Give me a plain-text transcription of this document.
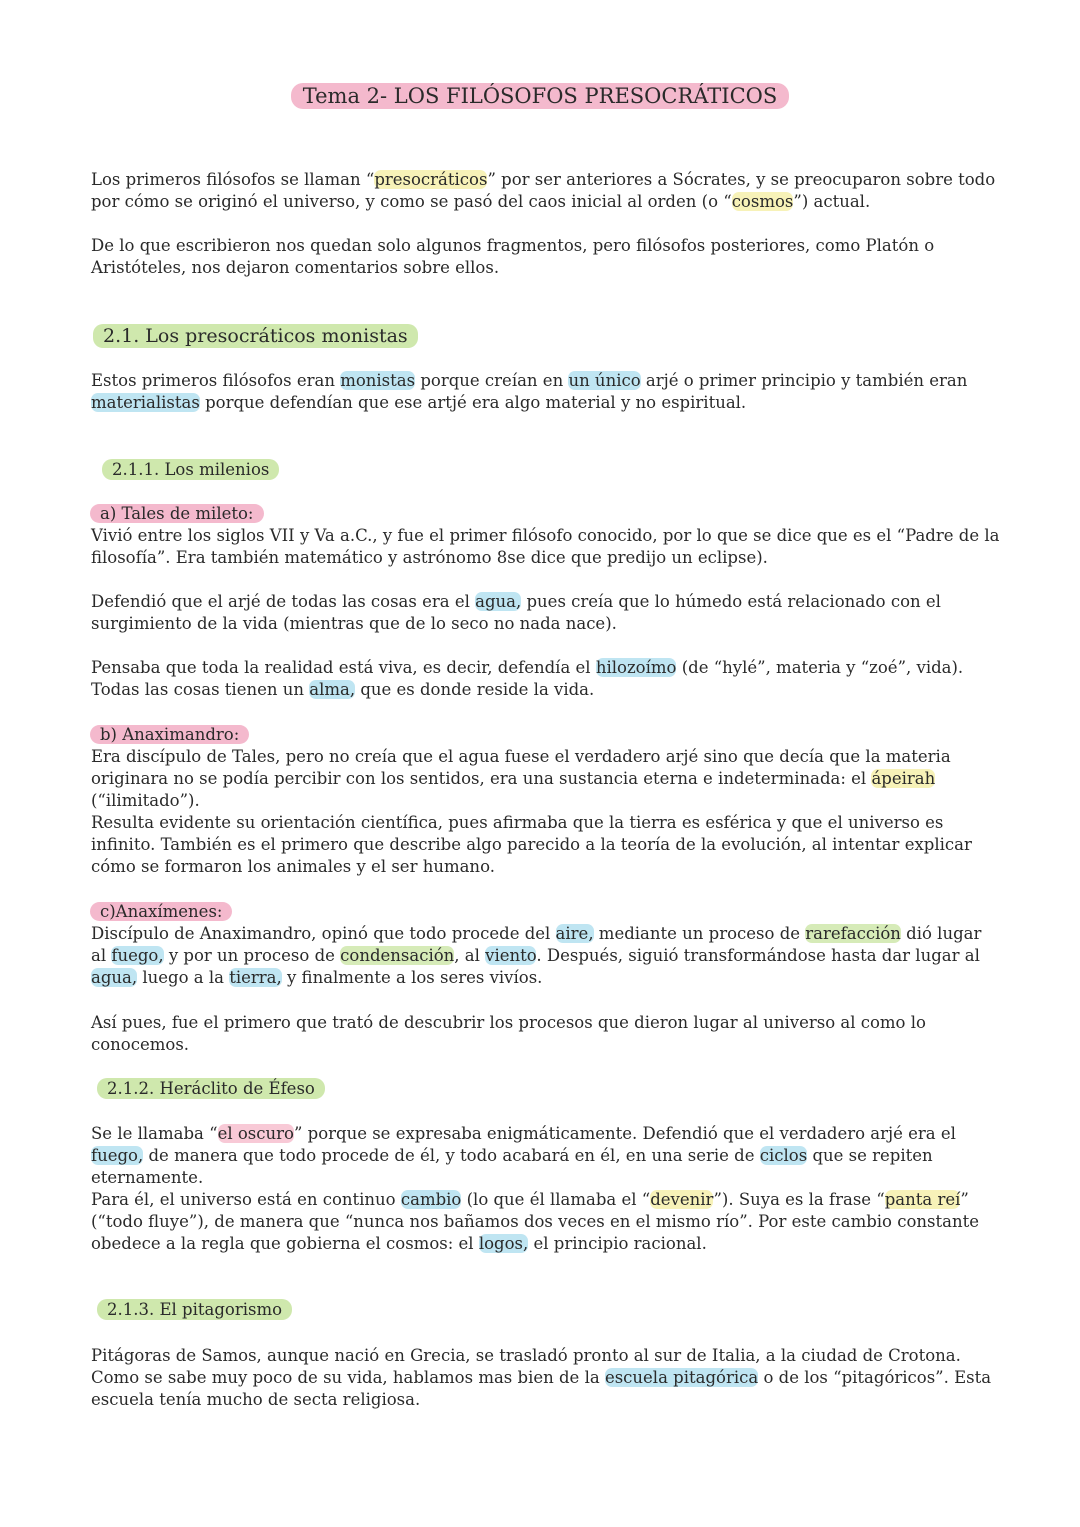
Tema 2- LOS FILÓSOFOS PRESOCRÁTICOS

Los primeros filósofos se llaman “presocráticos” por ser anteriores a Sócrates, y se preocuparon sobre todo por cómo se originó el universo, y como se pasó del caos inicial al orden (o “cosmos”) actual.

De lo que escribieron nos quedan solo algunos fragmentos, pero filósofos posteriores, como Platón o Aristóteles, nos dejaron comentarios sobre ellos.

2.1. Los presocráticos monistas

Estos primeros filósofos eran monistas porque creían en un único arjé o primer principio y también eran materialistas porque defendían que ese artjé era algo material y no espiritual.

2.1.1. Los milenios
a) Tales de mileto:

Vivió entre los siglos VII y Va a.C., y fue el primer filósofo conocido, por lo que se dice que es el “Padre de la filosofía”. Era también matemático y astrónomo 8se dice que predijo un eclipse).

Defendió que el arjé de todas las cosas era el agua, pues creía que lo húmedo está relacionado con el surgimiento de la vida (mientras que de lo seco no nada nace).

Pensaba que toda la realidad está viva, es decir, defendía el hilozoímo (de “hylé”, materia y “zoé”, vida). Todas las cosas tienen un alma, que es donde reside la vida.

b) Anaximandro:

Era discípulo de Tales, pero no creía que el agua fuese el verdadero arjé sino que decía que la materia originara no se podía percibir con los sentidos, era una sustancia eterna e indeterminada: el ápeirah (“ilimitado”).

Resulta evidente su orientación científica, pues afirmaba que la tierra es esférica y que el universo es infinito. También es el primero que describe algo parecido a la teoría de la evolución, al intentar explicar cómo se formaron los animales y el ser humano.

c)Anaxímenes:

Discípulo de Anaximandro, opinó que todo procede del aire, mediante un proceso de rarefacción dió lugar al fuego, y por un proceso de condensación, al viento. Después, siguió transformándose hasta dar lugar al agua, luego a la tierra, y finalmente a los seres vivíos.

Así pues, fue el primero que trató de descubrir los procesos que dieron lugar al universo al como lo conocemos.

2.1.2. Heráclito de Éfeso

Se le llamaba “el oscuro” porque se expresaba enigmáticamente. Defendió que el verdadero arjé era el fuego, de manera que todo procede de él, y todo acabará en él, en una serie de ciclos que se repiten eternamente.

Para él, el universo está en continuo cambio (lo que él llamaba el “devenir”). Suya es la frase “panta reí” (“todo fluye”), de manera que “nunca nos bañamos dos veces en el mismo río”. Por este cambio constante obedece a la regla que gobierna el cosmos: el logos, el principio racional.

2.1.3. El pitagorismo

Pitágoras de Samos, aunque nació en Grecia, se trasladó pronto al sur de Italia, a la ciudad de Crotona. Como se sabe muy poco de su vida, hablamos mas bien de la escuela pitagórica o de los “pitagóricos”. Esta escuela tenía mucho de secta religiosa.
